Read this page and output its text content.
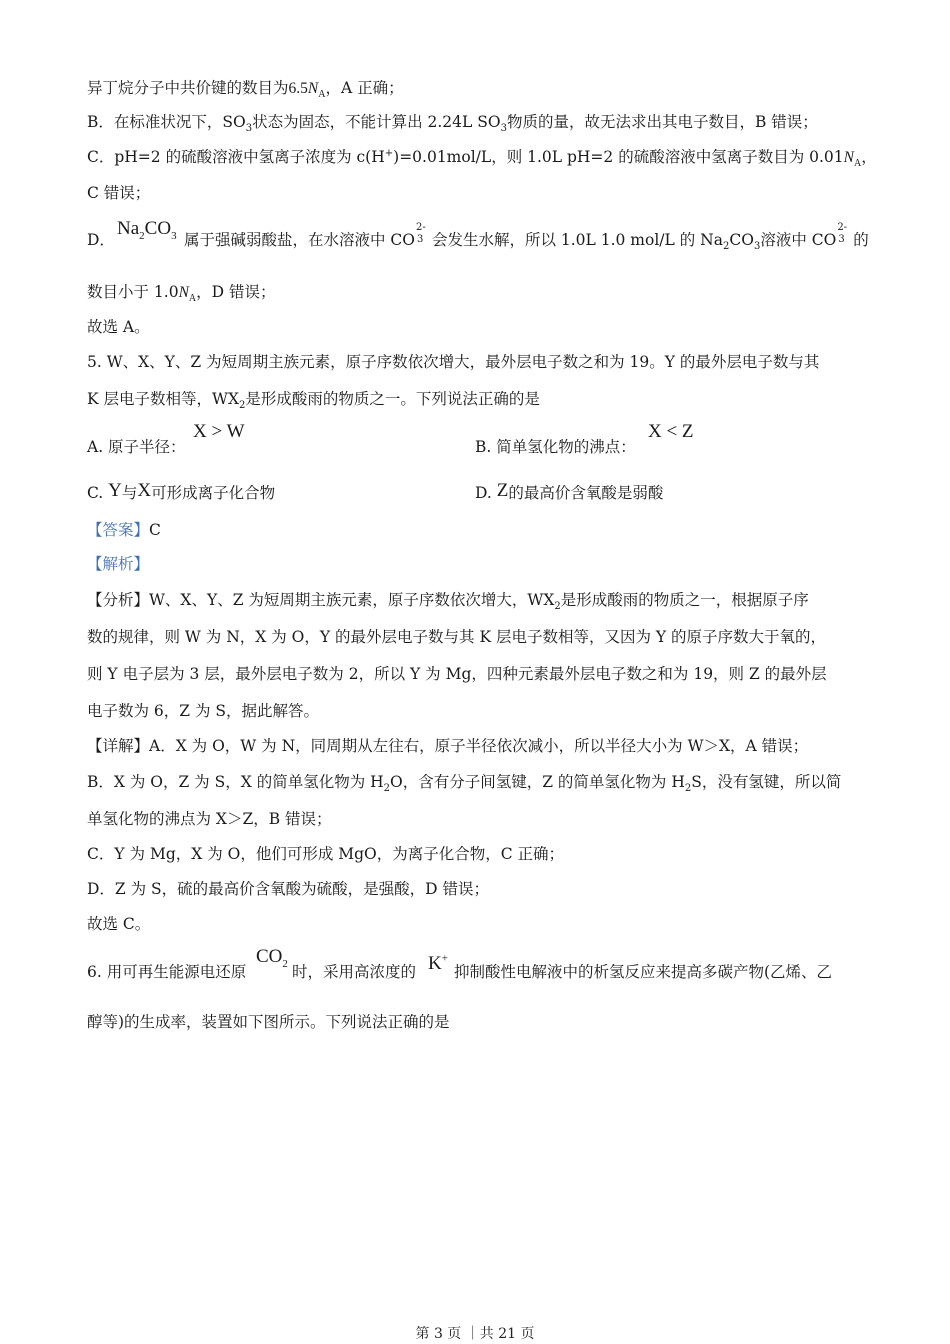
异丁烷分子中共价键的数目为$6.5N_A$，A 正确；
B．在标准状况下，$SO_3$状态为固态，不能计算出 2.24L $SO_3$物质的量，故无法求出其电子数目，B 错误；
C．pH=2 的硫酸溶液中氢离子浓度为 c(H+)=0.01mol/L，则 1.0L pH=2 的硫酸溶液中氢离子数目为 $0.01N_A$，
C 错误；
D．
$Na_2CO_3$ 属于强碱弱酸盐，在水溶液中 CO
2-
3 会发生水解，所以 1.0L 1.0 mol/L 的 $Na_2CO_3$溶液中 CO
2-
3 的
数目小于 $1.0N_A$，D 错误；
故选 A。
5. W、X、Y、Z 为短周期主族元素，原子序数依次增大，最外层电子数之和为 19。Y 的最外层电子数与其
K 层电子数相等，$WX_2$是形成酸雨的物质之一。下列说法正确的是
A. 原子半径：
X > W
B. 简单氢化物的沸点：
X < Z
C. Y与X可形成离子化合物	D. Z的最高价含氧酸是弱酸
【答案】C
【解析】
【分析】W、X、Y、Z 为短周期主族元素，原子序数依次增大，$WX_2$是形成酸雨的物质之一，根据原子序
数的规律，则 W 为 N，X 为 O，Y 的最外层电子数与其 K 层电子数相等，又因为 Y 的原子序数大于氧的，
则 Y 电子层为 3 层，最外层电子数为 2，所以 Y 为 Mg，四种元素最外层电子数之和为 19，则 Z 的最外层
电子数为 6，Z 为 S，据此解答。
【详解】A．X 为 O，W 为 N，同周期从左往右，原子半径依次减小，所以半径大小为 W＞X，A 错误；
B．X 为 O，Z 为 S，X 的简单氢化物为 $H_2O$，含有分子间氢键，Z 的简单氢化物为 $H_2S$，没有氢键，所以简
单氢化物的沸点为 X＞Z，B 错误；
C．Y 为 Mg，X 为 O，他们可形成 MgO，为离子化合物，C 正确；
D．Z 为 S，硫的最高价含氧酸为硫酸，是强酸，D 错误；
故选 C。
6. 用可再生能源电还原
$CO_2$ 时，采用高浓度的 K+
抑制酸性电解液中的析氢反应来提高多碳产物(乙烯、乙
醇等)的生成率，装置如下图所示。下列说法正确的是
第 3 页 ｜共 21 页
